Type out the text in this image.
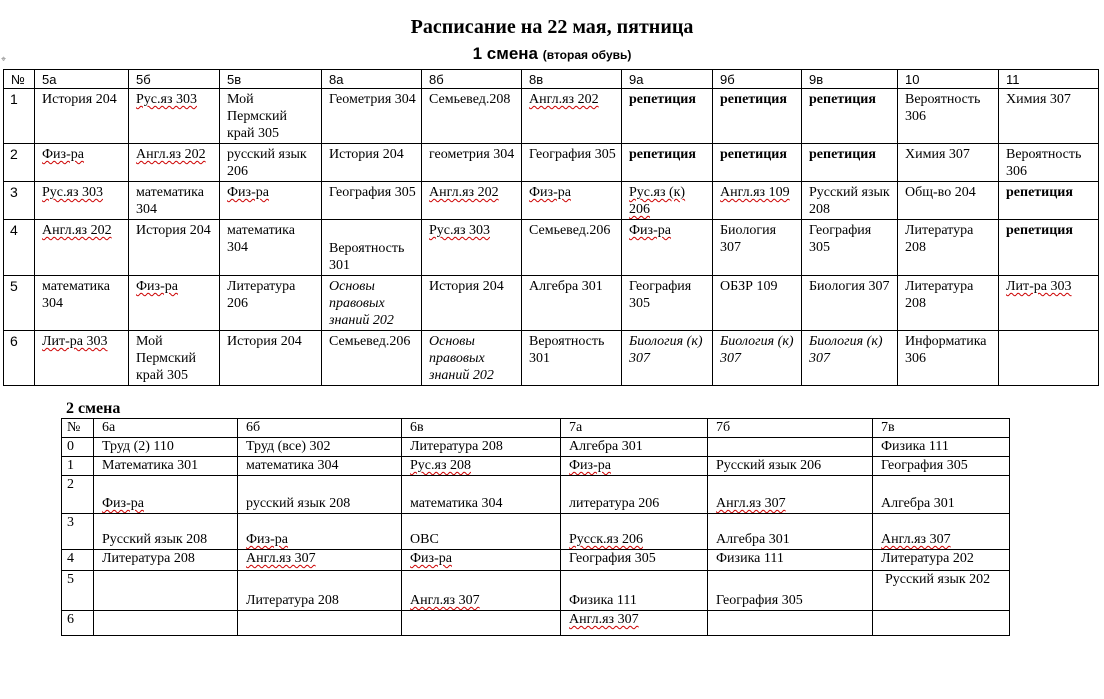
Расписание на 22 мая, пятница
1 смена (вторая обувь)
⌖
№	5а	5б	5в	8а	8б	8в	9а	9б	9в	10	11
1	История 204	Рус.яз 303	Мой Пермский край 305	Геометрия 304	Семьевед.208	Англ.яз 202	репетиция	репетиция	репетиция	Вероятность 306	Химия 307
2	Физ-ра	Англ.яз 202	русский язык 206	История 204	геометрия 304	География 305	репетиция	репетиция	репетиция	Химия 307	Вероятность 306
3	Рус.яз 303	математика 304	Физ-ра	География 305	Англ.яз 202	Физ-ра	Рус.яз (к) 206	Англ.яз 109	Русский язык 208	Общ-во 204	репетиция
4	Англ.яз 202	История 204	математика 304	Вероятность 301	Рус.яз 303	Семьевед.206	Физ-ра	Биология 307	География 305	Литература 208	репетиция
5	математика 304	Физ-ра	Литература 206	Основы правовых знаний 202	История 204	Алгебра 301	География 305	ОБЗР 109	Биология 307	Литература 208	Лит-ра 303
6	Лит-ра 303	Мой Пермский край 305	История 204	Семьевед.206	Основы правовых знаний 202	Вероятность 301	Биология (к) 307	Биология (к) 307	Биология (к) 307	Информатика 306	
2 смена
№	6а	6б	6в	7а	7б	7в
0	Труд (2) 110	Труд (все) 302	Литература 208	Алгебра 301		Физика 111
1	Математика 301	математика 304	Рус.яз 208	Физ-ра	Русский язык 206	География 305
2	Физ-ра	русский язык 208	математика 304	литература 206	Англ.яз 307	Алгебра 301
3	Русский язык 208	Физ-ра	ОВС	Русск.яз 206	Алгебра 301	Англ.яз 307
4	Литература 208	Англ.яз 307	Физ-ра	География 305	Физика 111	Литература 202
5		Литература 208	Англ.яз 307	Физика 111	География 305	Русский язык 202
6				Англ.яз 307		
